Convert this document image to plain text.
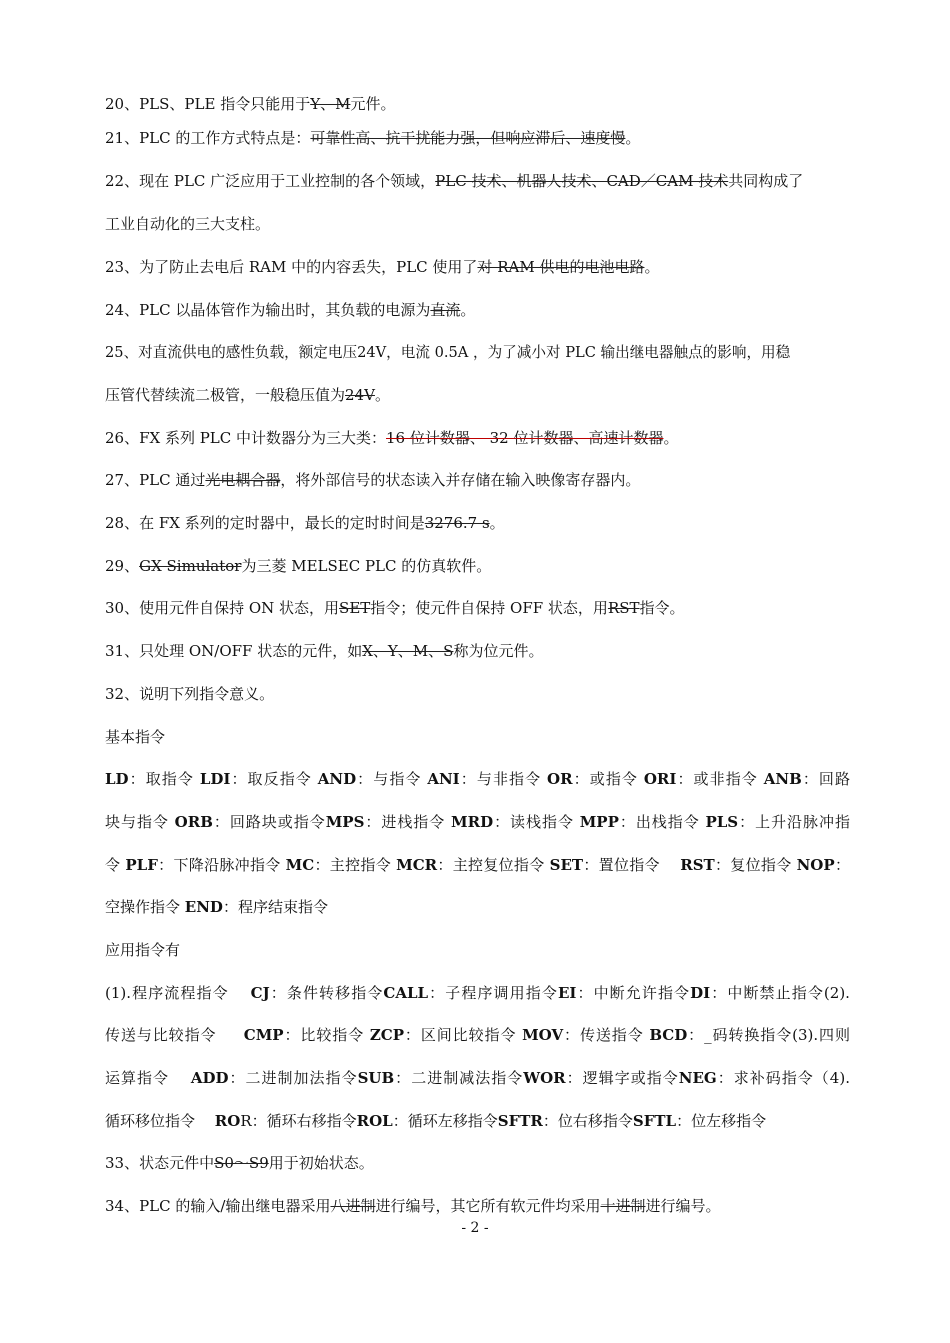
20、PLS、PLE 指令只能用于Y、M元件。
21、PLC 的工作方式特点是：可靠性高、抗干扰能力强，但响应滞后、速度慢。
22、现在 PLC 广泛应用于工业控制的各个领域，PLC 技术、机器人技术、CAD／CAM 技术共同构成了
工业自动化的三大支柱。
23、为了防止去电后 RAM 中的内容丢失，PLC 使用了对 RAM 供电的电池电路。
24、PLC 以晶体管作为输出时，其负载的电源为直流。
25、对直流供电的感性负载，额定电压24V，电流 0.5A ，为了减小对 PLC 输出继电器触点的影响，用稳
压管代替续流二极管，一般稳压值为24V。
26、FX 系列 PLC 中计数器分为三大类：16 位计数器、 32 位计数器、高速计数器。
27、PLC 通过光电耦合器，将外部信号的状态读入并存储在输入映像寄存器内。
28、在 FX 系列的定时器中，最长的定时时间是3276.7 s。
29、GX Simulator为三菱 MELSEC PLC 的仿真软件。
30、使用元件自保持 ON 状态，用SET指令；使元件自保持 OFF 状态，用RST指令。
31、只处理 ON/OFF 状态的元件，如X、Y、M、S称为位元件。
32、说明下列指令意义。
基本指令
LD：取指令 LDI：取反指令 AND：与指令 ANI：与非指令 OR：或指令 ORI：或非指令 ANB：回路
块与指令 ORB：回路块或指令MPS：进栈指令 MRD：读栈指令 MPP：出栈指令 PLS：上升沿脉冲指
令 PLF：下降沿脉冲指令 MC：主控指令 MCR：主控复位指令 SET：置位指令 　RST：复位指令 NOP：
空操作指令 END：程序结束指令
应用指令有
(1).程序流程指令 　CJ：条件转移指令CALL：子程序调用指令EI：中断允许指令DI：中断禁止指令(2).
传送与比较指令 　 CMP：比较指令 ZCP：区间比较指令 MOV：传送指令 BCD：_码转换指令(3).四则
运算指令 　ADD：二进制加法指令SUB：二进制减法指令WOR：逻辑字或指令NEG：求补码指令（4).
循环移位指令 　ROR：循环右移指令ROL：循环左移指令SFTR：位右移指令SFTL：位左移指令
33、状态元件中S0～S9用于初始状态。
34、PLC 的输入/输出继电器采用八进制进行编号，其它所有软元件均采用十进制进行编号。
- 2 -
